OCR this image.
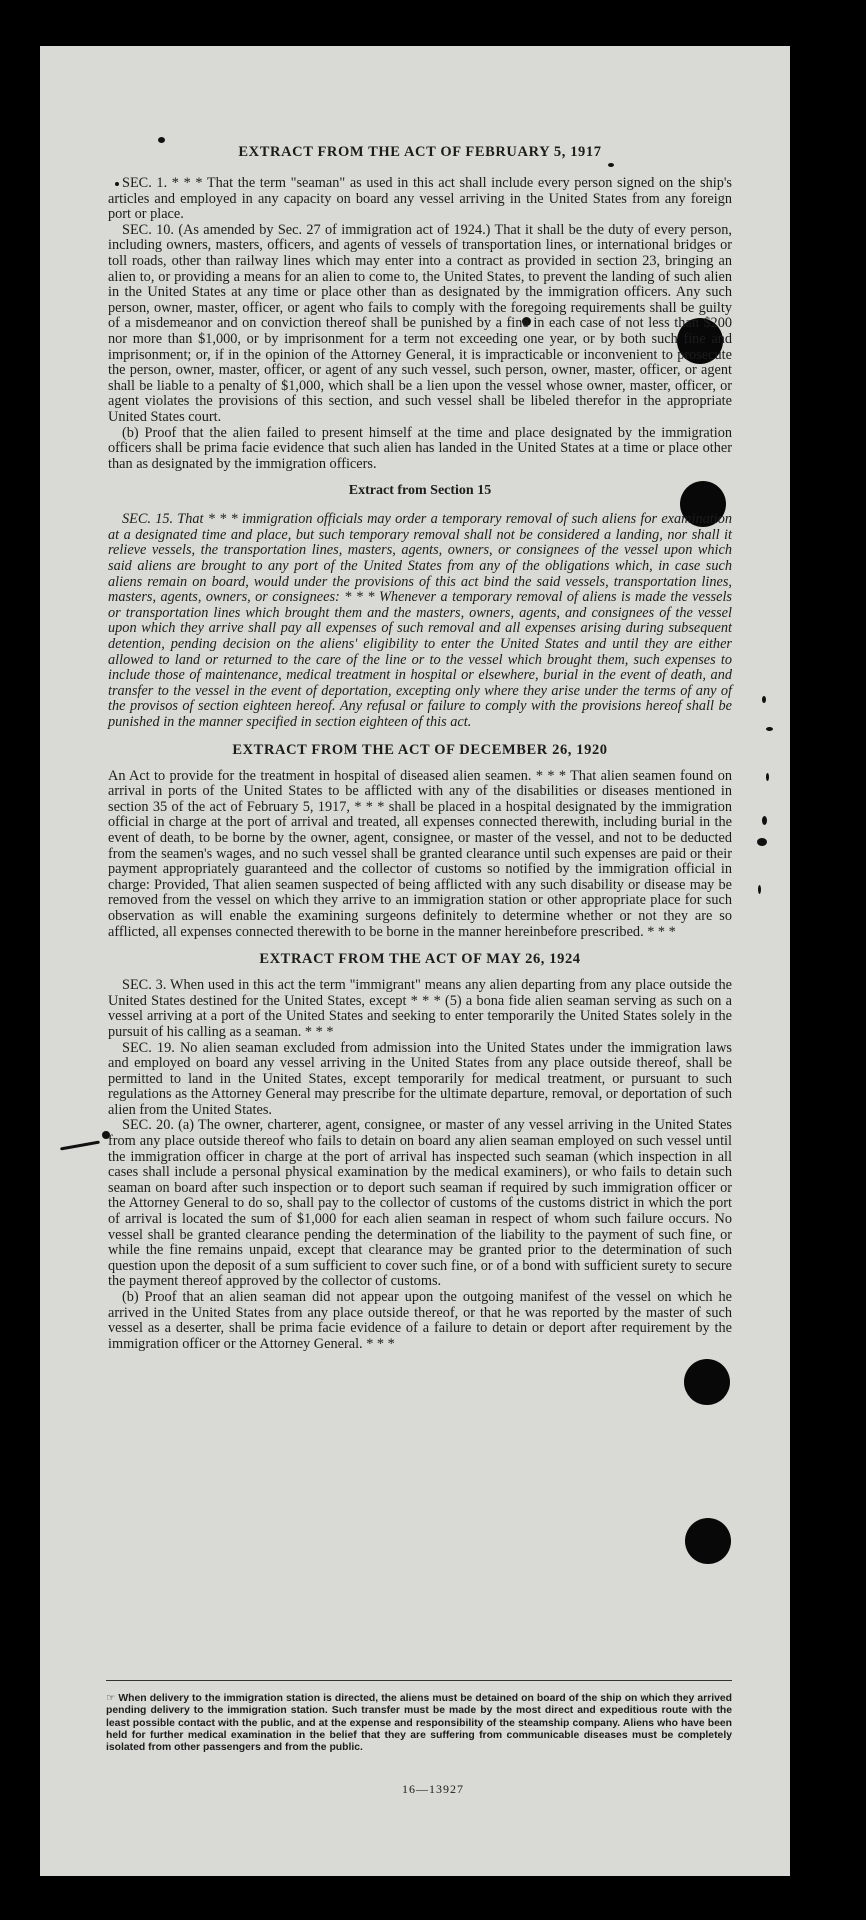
EXTRACT FROM THE ACT OF FEBRUARY 5, 1917

SEC. 1. * * * That the term "seaman" as used in this act shall include every person signed on the ship's articles and employed in any capacity on board any vessel arriving in the United States from any foreign port or place.

SEC. 10. (As amended by Sec. 27 of immigration act of 1924.) That it shall be the duty of every person, including owners, masters, officers, and agents of vessels of transportation lines, or international bridges or toll roads, other than railway lines which may enter into a contract as provided in section 23, bringing an alien to, or providing a means for an alien to come to, the United States, to prevent the landing of such alien in the United States at any time or place other than as designated by the immigration officers. Any such person, owner, master, officer, or agent who fails to comply with the foregoing requirements shall be guilty of a misdemeanor and on conviction thereof shall be punished by a fine in each case of not less than $200 nor more than $1,000, or by imprisonment for a term not exceeding one year, or by both such fine and imprisonment; or, if in the opinion of the Attorney General, it is impracticable or inconvenient to prosecute the person, owner, master, officer, or agent of any such vessel, such person, owner, master, officer, or agent shall be liable to a penalty of $1,000, which shall be a lien upon the vessel whose owner, master, officer, or agent violates the provisions of this section, and such vessel shall be libeled therefor in the appropriate United States court.

(b) Proof that the alien failed to present himself at the time and place designated by the immigration officers shall be prima facie evidence that such alien has landed in the United States at a time or place other than as designated by the immigration officers.

Extract from Section 15

SEC. 15. That * * * immigration officials may order a temporary removal of such aliens for examination at a designated time and place, but such temporary removal shall not be considered a landing, nor shall it relieve vessels, the transportation lines, masters, agents, owners, or consignees of the vessel upon which said aliens are brought to any port of the United States from any of the obligations which, in case such aliens remain on board, would under the provisions of this act bind the said vessels, transportation lines, masters, agents, owners, or consignees: * * * Whenever a temporary removal of aliens is made the vessels or transportation lines which brought them and the masters, owners, agents, and consignees of the vessel upon which they arrive shall pay all expenses of such removal and all expenses arising during subsequent detention, pending decision on the aliens' eligibility to enter the United States and until they are either allowed to land or returned to the care of the line or to the vessel which brought them, such expenses to include those of maintenance, medical treatment in hospital or elsewhere, burial in the event of death, and transfer to the vessel in the event of deportation, excepting only where they arise under the terms of any of the provisos of section eighteen hereof. Any refusal or failure to comply with the provisions hereof shall be punished in the manner specified in section eighteen of this act.

EXTRACT FROM THE ACT OF DECEMBER 26, 1920

An Act to provide for the treatment in hospital of diseased alien seamen. * * * That alien seamen found on arrival in ports of the United States to be afflicted with any of the disabilities or diseases mentioned in section 35 of the act of February 5, 1917, * * * shall be placed in a hospital designated by the immigration official in charge at the port of arrival and treated, all expenses connected therewith, including burial in the event of death, to be borne by the owner, agent, consignee, or master of the vessel, and not to be deducted from the seamen's wages, and no such vessel shall be granted clearance until such expenses are paid or their payment appropriately guaranteed and the collector of customs so notified by the immigration official in charge: Provided, That alien seamen suspected of being afflicted with any such disability or disease may be removed from the vessel on which they arrive to an immigration station or other appropriate place for such observation as will enable the examining surgeons definitely to determine whether or not they are so afflicted, all expenses connected therewith to be borne in the manner hereinbefore prescribed. * * *

EXTRACT FROM THE ACT OF MAY 26, 1924

SEC. 3. When used in this act the term "immigrant" means any alien departing from any place outside the United States destined for the United States, except * * * (5) a bona fide alien seaman serving as such on a vessel arriving at a port of the United States and seeking to enter temporarily the United States solely in the pursuit of his calling as a seaman. * * *

SEC. 19. No alien seaman excluded from admission into the United States under the immigration laws and employed on board any vessel arriving in the United States from any place outside thereof, shall be permitted to land in the United States, except temporarily for medical treatment, or pursuant to such regulations as the Attorney General may prescribe for the ultimate departure, removal, or deportation of such alien from the United States.

SEC. 20. (a) The owner, charterer, agent, consignee, or master of any vessel arriving in the United States from any place outside thereof who fails to detain on board any alien seaman employed on such vessel until the immigration officer in charge at the port of arrival has inspected such seaman (which inspection in all cases shall include a personal physical examination by the medical examiners), or who fails to detain such seaman on board after such inspection or to deport such seaman if required by such immigration officer or the Attorney General to do so, shall pay to the collector of customs of the customs district in which the port of arrival is located the sum of $1,000 for each alien seaman in respect of whom such failure occurs. No vessel shall be granted clearance pending the determination of the liability to the payment of such fine, or while the fine remains unpaid, except that clearance may be granted prior to the determination of such question upon the deposit of a sum sufficient to cover such fine, or of a bond with sufficient surety to secure the payment thereof approved by the collector of customs.

(b) Proof that an alien seaman did not appear upon the outgoing manifest of the vessel on which he arrived in the United States from any place outside thereof, or that he was reported by the master of such vessel as a deserter, shall be prima facie evidence of a failure to detain or deport after requirement by the immigration officer or the Attorney General. * * *

☞ When delivery to the immigration station is directed, the aliens must be detained on board of the ship on which they arrived pending delivery to the immigration station. Such transfer must be made by the most direct and expeditious route with the least possible contact with the public, and at the expense and responsibility of the steamship company. Aliens who have been held for further medical examination in the belief that they are suffering from communicable diseases must be completely isolated from other passengers and from the public.
16—13927
